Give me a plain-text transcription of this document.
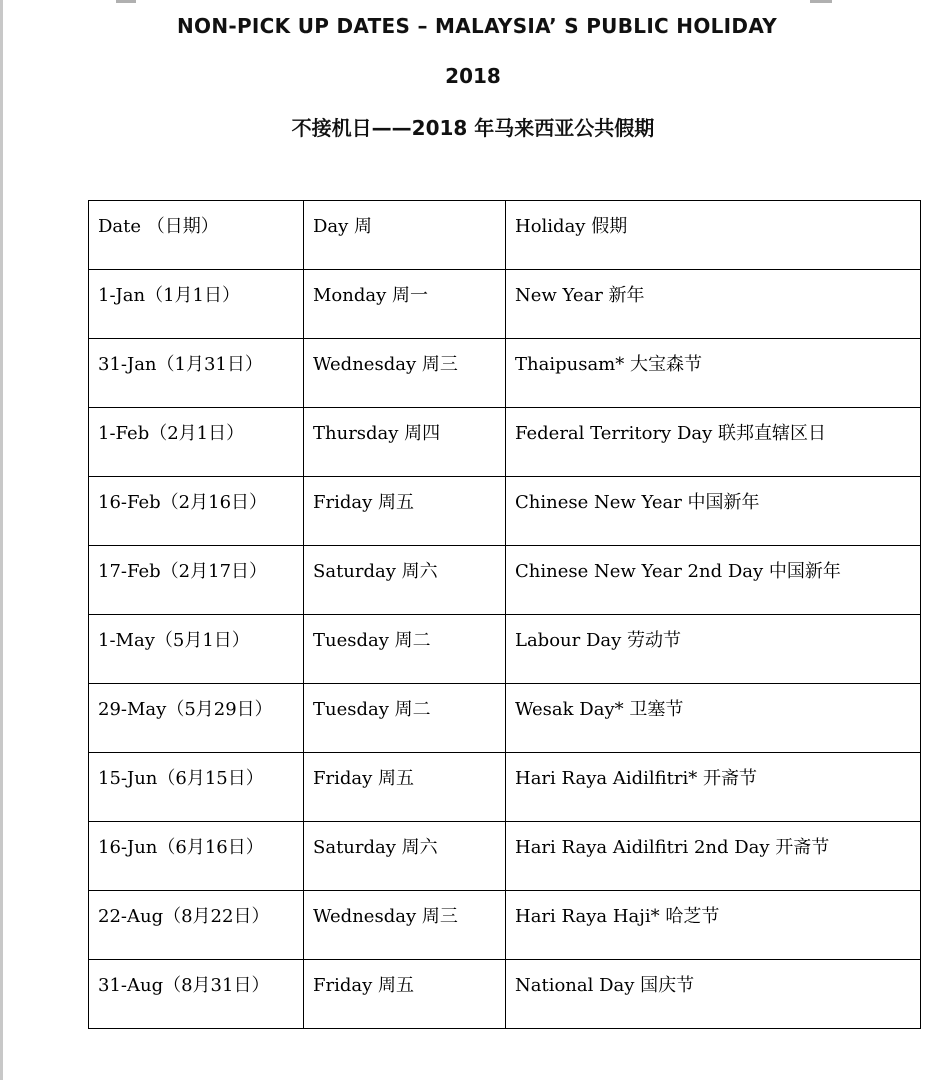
NON-PICK UP DATES – MALAYSIA’ S PUBLIC HOLIDAY
2018
不接机日——2018 年马来西亚公共假期
Date （日期）	Day 周	Holiday 假期

1-Jan（1月1日）	Monday 周一	New Year 新年

31-Jan（1月31日）	Wednesday 周三	Thaipusam* 大宝森节

1-Feb（2月1日）	Thursday 周四	Federal Territory Day 联邦直辖区日

16-Feb（2月16日）	Friday 周五	Chinese New Year 中国新年

17-Feb（2月17日）	Saturday 周六	Chinese New Year 2nd Day 中国新年

1-May（5月1日）	Tuesday 周二	Labour Day 劳动节

29-May（5月29日）	Tuesday 周二	Wesak Day* 卫塞节

15-Jun（6月15日）	Friday 周五	Hari Raya Aidilfitri* 开斋节

16-Jun（6月16日）	Saturday 周六	Hari Raya Aidilfitri 2nd Day 开斋节

22-Aug（8月22日）	Wednesday 周三	Hari Raya Haji* 哈芝节

31-Aug（8月31日）	Friday 周五	National Day 国庆节
